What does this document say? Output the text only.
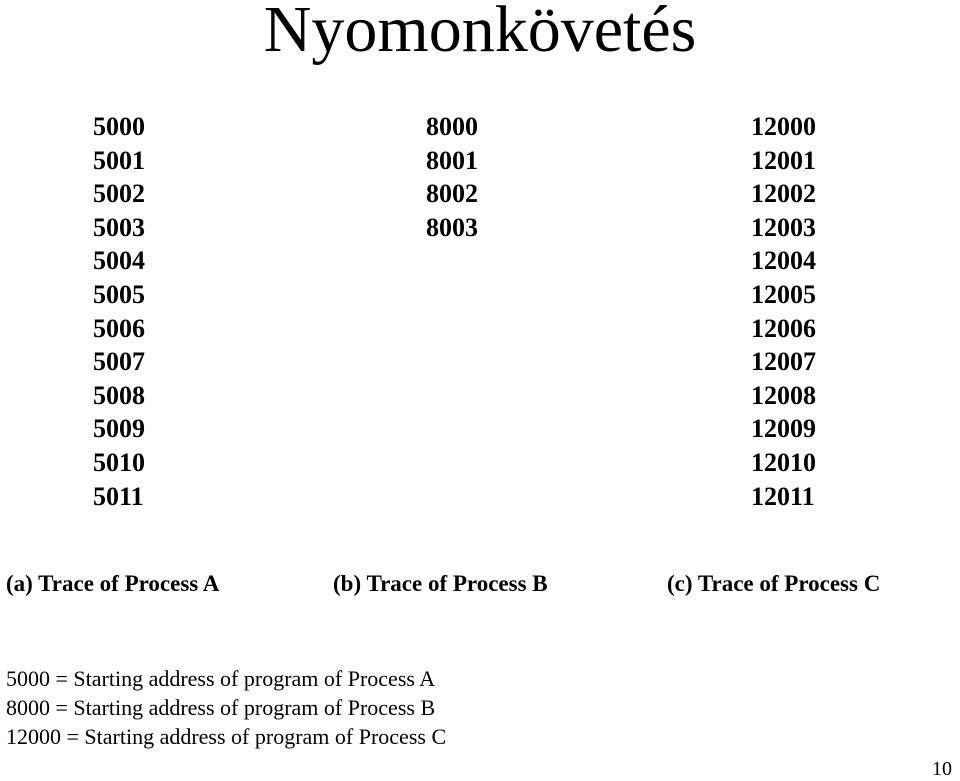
Nyomonkövetés
5000
5001
5002
5003
5004
5005
5006
5007
5008
5009
5010
5011
8000
8001
8002
8003
12000
12001
12002
12003
12004
12005
12006
12007
12008
12009
12010
12011
(a) Trace of Process A	(b) Trace of Process B	(c) Trace of Process C
5000 = Starting address of program of Process A
8000 = Starting address of program of Process B
12000 = Starting address of program of Process C
10
